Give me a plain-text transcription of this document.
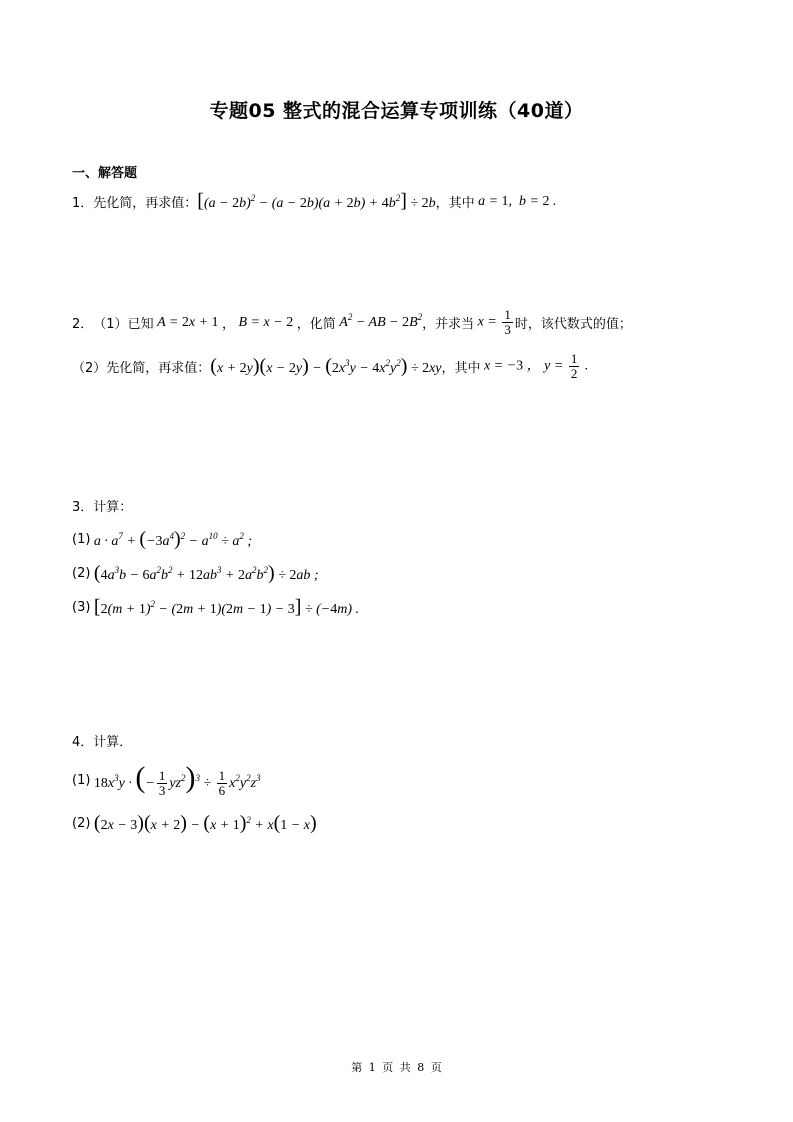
专题05 整式的混合运算专项训练（40道）
一、解答题
1． 先化简，再求值： $[(a - 2b)^2 - (a - 2b)(a + 2b) + 4b^2] \div 2b$ ，其中 a = 1,  b = 2 .
2． （1） 已知 A = 2x + 1 ， B = x − 2 ， 化简 $A^2$ − AB − $2B^2$
，并求当 $x = \frac{1}{3}$ 时，该代数式的值；
（2） 先化简，再求值： $(x + 2y)(x - 2y) - (2x^3y - 4x^2y^2) \div 2xy$ ，其中 x = −3 ， $y = \frac{1}{2}$ .
3． 计算：
(1) $a \cdot a^7 + (-3a^4)^2 - a^{10} \div a^2$ ;
(2) $(4a^3b - 6a^2b^2 + 12ab^3 + 2a^2b^2) \div 2ab$ ;
(3) $[2(m + 1)^2 - (2m + 1)(2m - 1) - 3] \div (-4m)$ .
4． 计算．
(1) $18x^3y$ · (− $\frac{1}{3} yz^2)^3 \div \frac{1}{6} x^2y^2z^3$
(2) $(2x - 3)(x + 2) - (x + 1)^2 + x(1 - x)$
第 1 页 共 8 页
